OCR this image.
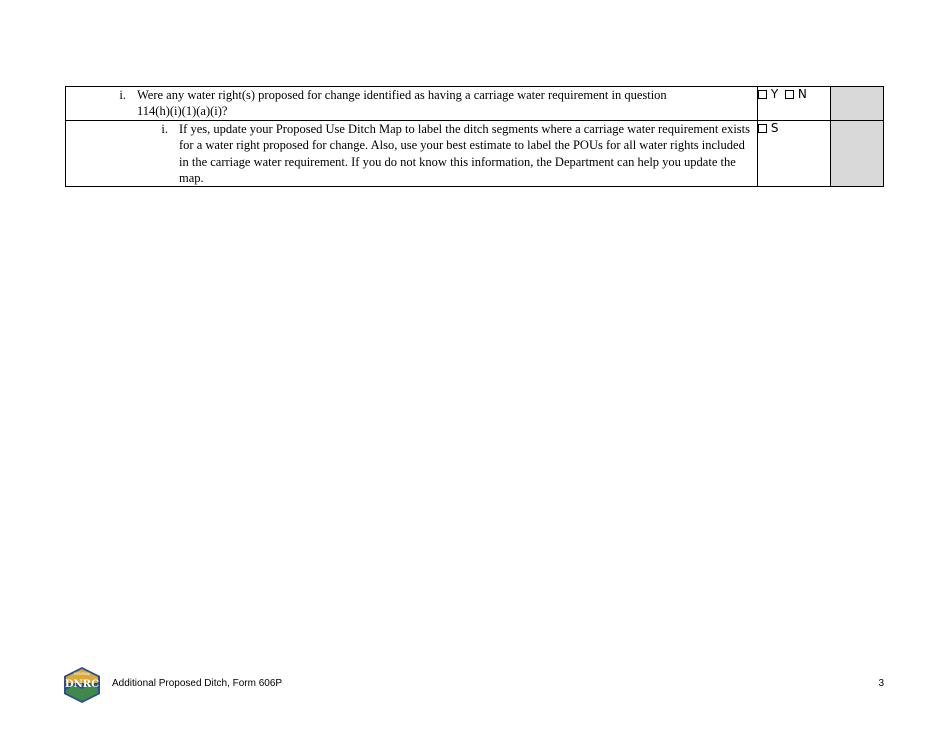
i. Were any water right(s) proposed for change identified as having a carriage water requirement in question 114(h)(i)(1)(a)(i)?	Y N	

i. If yes, update your Proposed Use Ditch Map to label the ditch segments where a carriage water requirement exists for a water right proposed for change. Also, use your best estimate to label the POUs for all water rights included in the carriage water requirement. If you do not know this information, the Department can help you update the map.	S	
MONTANA
DNRC Additional Proposed Ditch, Form 606P	3
